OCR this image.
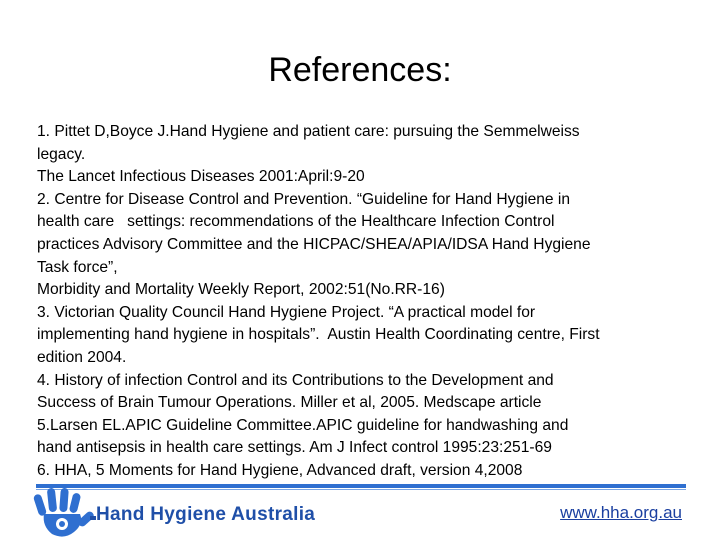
References:
1. Pittet D,Boyce J.Hand Hygiene and patient care: pursuing the Semmelweiss
legacy.
The Lancet Infectious Diseases 2001:April:9-20
2. Centre for Disease Control and Prevention. “Guideline for Hand Hygiene in
health care   settings: recommendations of the Healthcare Infection Control
practices Advisory Committee and the HICPAC/SHEA/APIA/IDSA Hand Hygiene
Task force”,
Morbidity and Mortality Weekly Report, 2002:51(No.RR-16)
3. Victorian Quality Council Hand Hygiene Project. “A practical model for
implementing hand hygiene in hospitals”.  Austin Health Coordinating centre, First
edition 2004.
4. History of infection Control and its Contributions to the Development and
Success of Brain Tumour Operations. Miller et al, 2005. Medscape article
5.Larsen EL.APIC Guideline Committee.APIC guideline for handwashing and
hand antisepsis in health care settings. Am J Infect control 1995:23:251-69
6. HHA, 5 Moments for Hand Hygiene, Advanced draft, version 4,2008
Hand Hygiene Australia	www.hha.org.au
